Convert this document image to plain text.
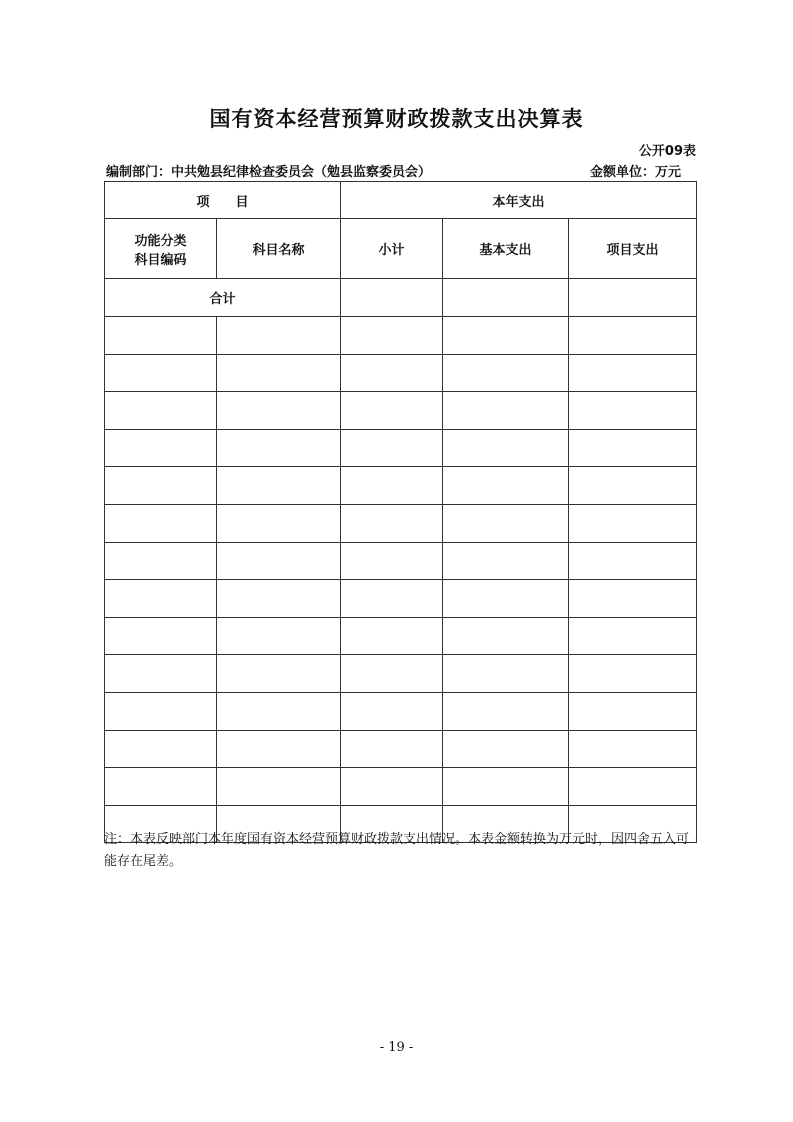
国有资本经营预算财政拨款支出决算表
公开09表
编制部门：中共勉县纪律检查委员会（勉县监察委员会）	金额单位：万元
项　　目		本年支出		

功能分类
科目编码	科目名称	小计	基本支出	项目支出
合计				

注：本表反映部门本年度国有资本经营预算财政拨款支出情况。本表金额转换为万元时，因四舍五入可能存在尾差。
- 19 -
